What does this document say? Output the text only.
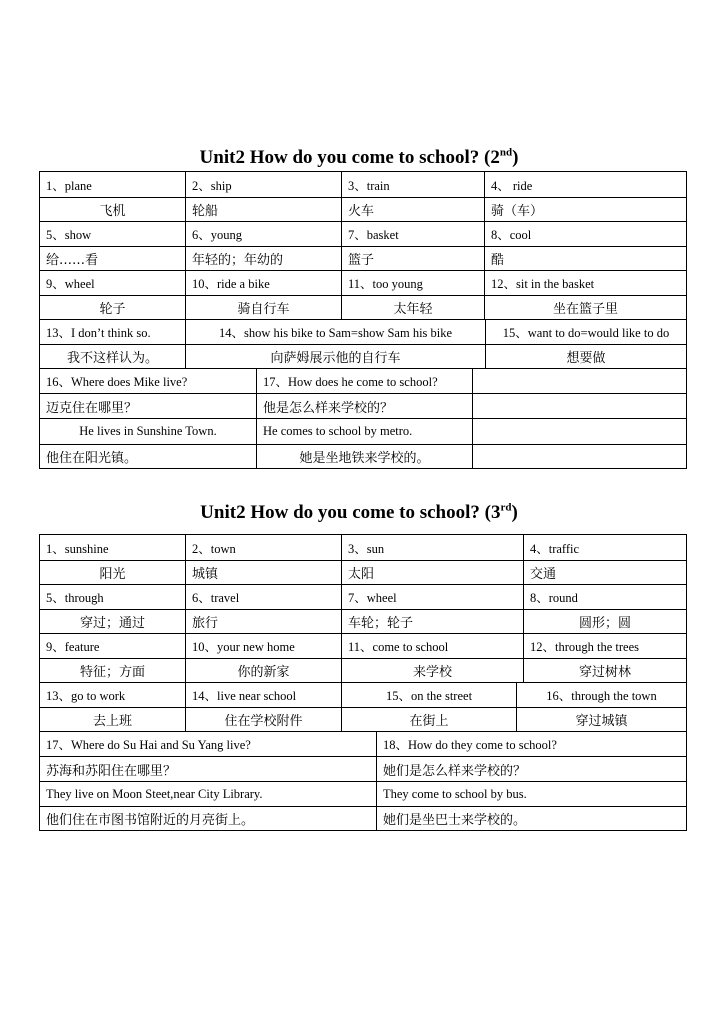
Unit2 How do you come to school? (2nd)
1、plane	2、ship	3、train	4、 ride
飞机	轮船	火车	骑（车）
5、show	6、young	7、basket	8、cool
给……看	年轻的；年幼的	篮子	酷
9、wheel	10、ride a bike	11、too young	12、sit in the basket
轮子	骑自行车	太年轻	坐在篮子里
13、I don’t think so.	14、show his bike to Sam=show Sam his bike	15、want to do=would like to do
我不这样认为。	向萨姆展示他的自行车	想要做
16、Where does Mike live?	17、How does he come to school?
迈克住在哪里？	他是怎么样来学校的？
He lives in Sunshine Town.	He comes to school by metro.
他住在阳光镇。	她是坐地铁来学校的。
Unit2 How do you come to school? (3rd)
1、sunshine	2、town	3、sun	4、traffic
阳光	城镇	太阳	交通
5、through	6、travel	7、wheel	8、round
穿过；通过	旅行	车轮；轮子	圆形；圆
9、feature	10、your new home	11、come to school	12、through the trees
特征；方面	你的新家	来学校	穿过树林
13、go to work	14、live near school	15、on the street	16、through the town
去上班	住在学校附件	在街上	穿过城镇
17、Where do Su Hai and Su Yang live?	18、How do they come to school?
苏海和苏阳住在哪里？	她们是怎么样来学校的？
They live on Moon Steet,near City Library.	They come to school by bus.
他们住在市图书馆附近的月亮街上。	她们是坐巴士来学校的。
